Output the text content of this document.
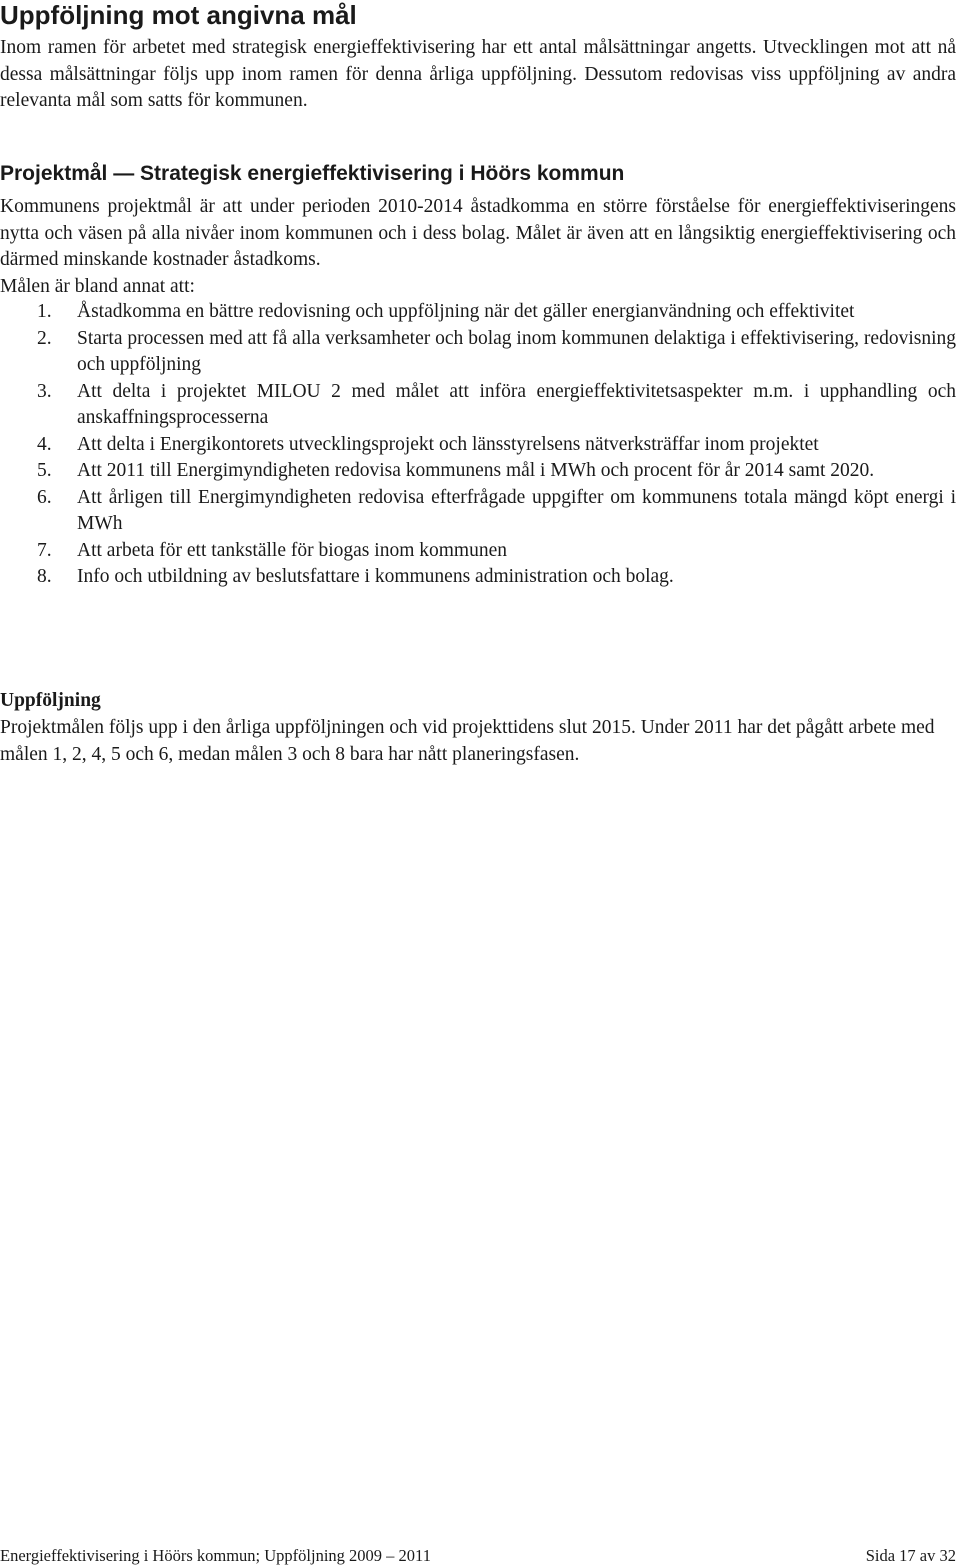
Uppföljning mot angivna mål

Inom ramen för arbetet med strategisk energieffektivisering har ett antal målsättningar angetts. Utvecklingen mot att nå dessa målsättningar följs upp inom ramen för denna årliga uppföljning. Dessutom redovisas viss uppföljning av andra relevanta mål som satts för kommunen.

Projektmål — Strategisk energieffektivisering i Höörs kommun

Kommunens projektmål är att under perioden 2010-2014 åstadkomma en större förståelse för energieffektiviseringens nytta och väsen på alla nivåer inom kommunen och i dess bolag. Målet är även att en långsiktig energieffektivisering och därmed minskande kostnader åstadkoms.
Målen är bland annat att:

1. Åstadkomma en bättre redovisning och uppföljning när det gäller energianvändning och effektivitet
2. Starta processen med att få alla verksamheter och bolag inom kommunen delaktiga i effektivisering, redovisning och uppföljning
3. Att delta i projektet MILOU 2 med målet att införa energieffektivitetsaspekter m.m. i upphandling och anskaffningsprocesserna
4. Att delta i Energikontorets utvecklingsprojekt och länsstyrelsens nätverksträffar inom projektet
5. Att 2011 till Energimyndigheten redovisa kommunens mål i MWh och procent för år 2014 samt 2020.
6. Att årligen till Energimyndigheten redovisa efterfrågade uppgifter om kommunens totala mängd köpt energi i MWh
7. Att arbeta för ett tankställe för biogas inom kommunen
8. Info och utbildning av beslutsfattare i kommunens administration och bolag.
Uppföljning

Projektmålen följs upp i den årliga uppföljningen och vid projekttidens slut 2015. Under 2011 har det pågått arbete med målen 1, 2, 4, 5 och 6, medan målen 3 och 8 bara har nått planeringsfasen.

Energieffektivisering i Höörs kommun; Uppföljning 2009 – 2011	Sida 17 av 32
